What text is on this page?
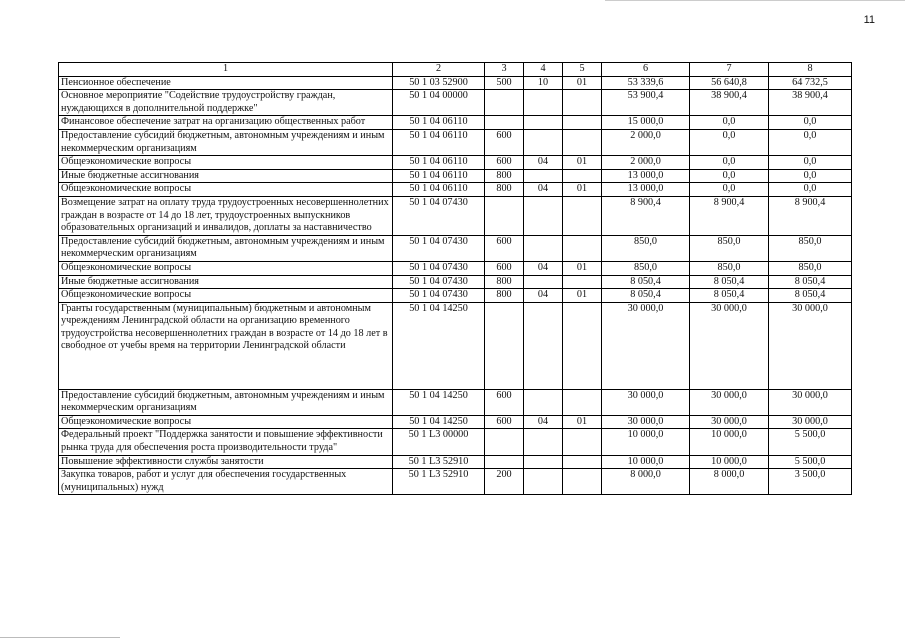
11
1	2	3	4	5	6	7	8
Пенсионное обеспечение	50 1 03 52900	500	10	01	53 339,6	56 640,8	64 732,5
Основное мероприятие "Содействие трудоустройству граждан, нуждающихся в дополнительной поддержке"	50 1 04 00000				53 900,4	38 900,4	38 900,4
Финансовое обеспечение затрат на организацию общественных работ	50 1 04 06110				15 000,0	0,0	0,0
Предоставление субсидий бюджетным, автономным учреждениям и иным некоммерческим организациям	50 1 04 06110	600			2 000,0	0,0	0,0
Общеэкономические вопросы	50 1 04 06110	600	04	01	2 000,0	0,0	0,0
Иные бюджетные ассигнования	50 1 04 06110	800			13 000,0	0,0	0,0
Общеэкономические вопросы	50 1 04 06110	800	04	01	13 000,0	0,0	0,0
Возмещение затрат на оплату труда трудоустроенных несовершеннолетних граждан в возрасте от 14 до 18 лет, трудоустроенных выпускников образовательных организаций и инвалидов, доплаты за наставничество	50 1 04 07430				8 900,4	8 900,4	8 900,4
Предоставление субсидий бюджетным, автономным учреждениям и иным некоммерческим организациям	50 1 04 07430	600			850,0	850,0	850,0
Общеэкономические вопросы	50 1 04 07430	600	04	01	850,0	850,0	850,0
Иные бюджетные ассигнования	50 1 04 07430	800			8 050,4	8 050,4	8 050,4
Общеэкономические вопросы	50 1 04 07430	800	04	01	8 050,4	8 050,4	8 050,4
Гранты государственным (муниципальным) бюджетным и автономным учреждениям Ленинградской области на организацию временного трудоустройства несовершеннолетних граждан в возрасте от 14 до 18 лет в свободное от учебы время на территории Ленинградской области	50 1 04 14250				30 000,0	30 000,0	30 000,0
Предоставление субсидий бюджетным, автономным учреждениям и иным некоммерческим организациям	50 1 04 14250	600			30 000,0	30 000,0	30 000,0
Общеэкономические вопросы	50 1 04 14250	600	04	01	30 000,0	30 000,0	30 000,0
Федеральный проект "Поддержка занятости и повышение эффективности рынка труда для обеспечения роста производительности труда"	50 1 L3 00000				10 000,0	10 000,0	5 500,0
Повышение эффективности службы занятости	50 1 L3 52910				10 000,0	10 000,0	5 500,0
Закупка товаров, работ и услуг для обеспечения государственных (муниципальных) нужд	50 1 L3 52910	200			8 000,0	8 000,0	3 500,0
